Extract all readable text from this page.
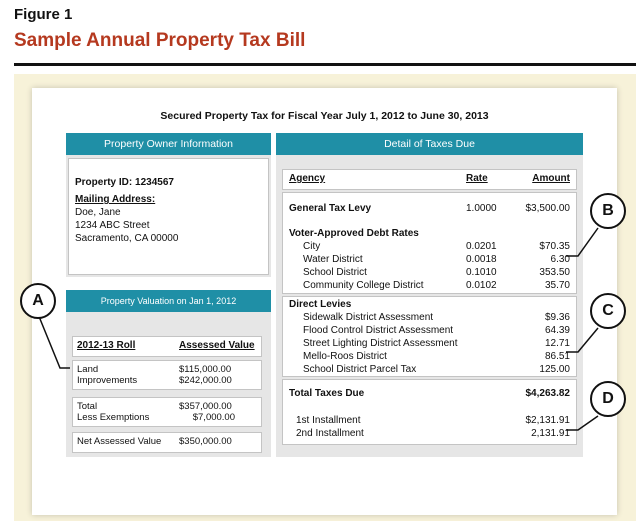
Figure 1
Sample Annual Property Tax Bill
Secured Property Tax for Fiscal Year July 1, 2012 to June 30, 2013
Property Owner Information
Property ID: 1234567
Mailing Address:
Doe, Jane
1234 ABC Street
Sacramento, CA 00000
Property Valuation on Jan 1, 2012
2012-13 Roll	Assessed Value
Land	$115,000.00
Improvements	$242,000.00
Total	$357,000.00
Less Exemptions	$7,000.00
Net Assessed Value $350,000.00
Detail of Taxes Due
Agency	Rate	Amount
General Tax Levy	1.0000	$3,500.00
Voter-Approved Debt Rates
City	0.0201	$70.35
Water District	0.0018	6.30
School District	0.1010	353.50
Community College District	0.0102	35.70
Direct Levies
Sidewalk District Assessment	$9.36
Flood Control District Assessment	64.39
Street Lighting District Assessment	12.71
Mello-Roos District	86.51
School District Parcel Tax	125.00
Total Taxes Due	$4,263.82
1st Installment	$2,131.91
2nd Installment	2,131.91
A
B
C
D
